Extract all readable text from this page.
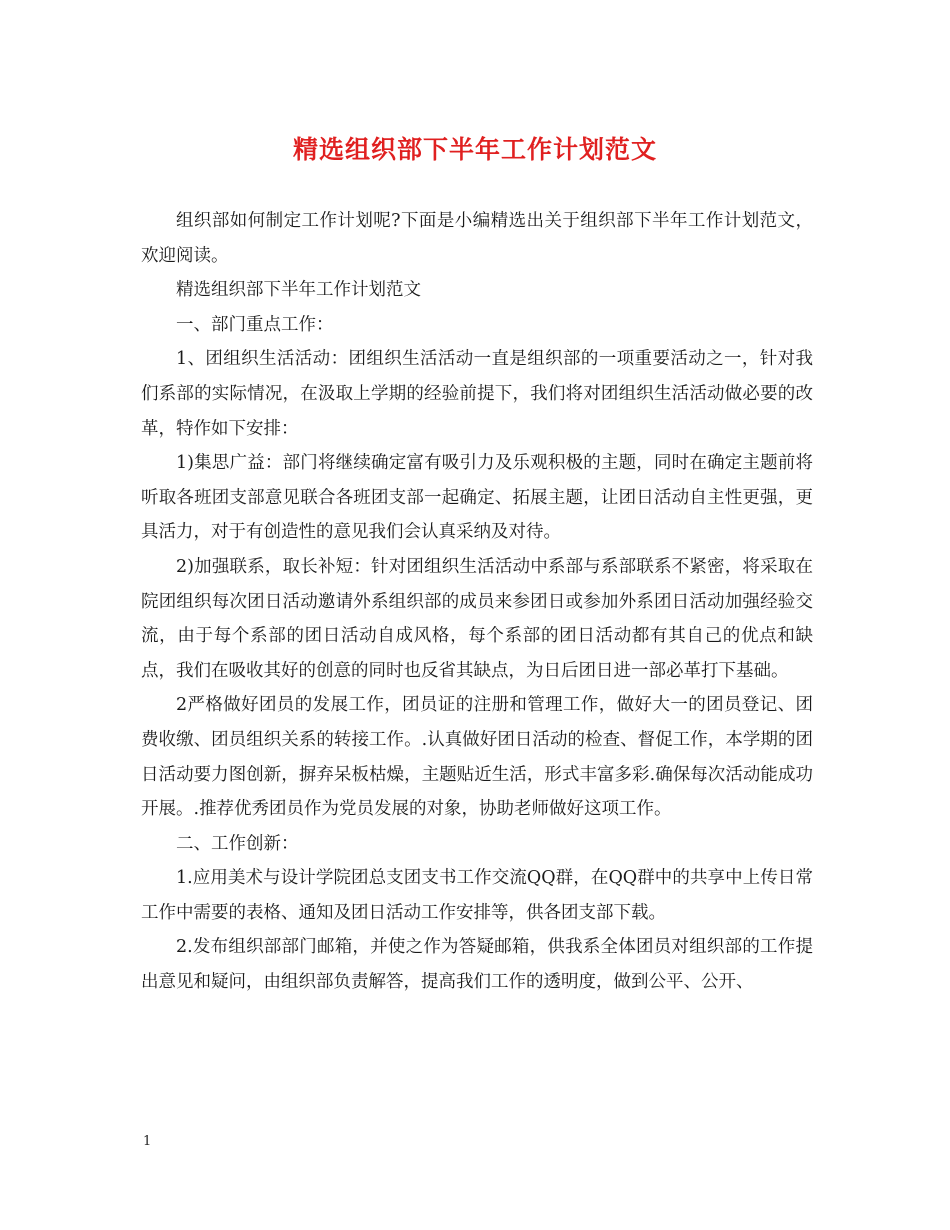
精选组织部下半年工作计划范文

组织部如何制定工作计划呢?下面是小编精选出关于组织部下半年工作计划范文，欢迎阅读。

精选组织部下半年工作计划范文

一、部门重点工作：

1、团组织生活活动：团组织生活活动一直是组织部的一项重要活动之一，针对我们系部的实际情况，在汲取上学期的经验前提下，我们将对团组织生活活动做必要的改革，特作如下安排：

1)集思广益：部门将继续确定富有吸引力及乐观积极的主题，同时在确定主题前将听取各班团支部意见联合各班团支部一起确定、拓展主题，让团日活动自主性更强，更具活力，对于有创造性的意见我们会认真采纳及对待。

2)加强联系，取长补短：针对团组织生活活动中系部与系部联系不紧密，将采取在院团组织每次团日活动邀请外系组织部的成员来参团日或参加外系团日活动加强经验交流，由于每个系部的团日活动自成风格，每个系部的团日活动都有其自己的优点和缺点，我们在吸收其好的创意的同时也反省其缺点，为日后团日进一部必革打下基础。

2严格做好团员的发展工作，团员证的注册和管理工作，做好大一的团员登记、团费收缴、团员组织关系的转接工作。.认真做好团日活动的检查、督促工作，本学期的团日活动要力图创新，摒弃呆板枯燥，主题贴近生活，形式丰富多彩.确保每次活动能成功开展。.推荐优秀团员作为党员发展的对象，协助老师做好这项工作。

二、工作创新：

1.应用美术与设计学院团总支团支书工作交流QQ群，在QQ群中的共享中上传日常工作中需要的表格、通知及团日活动工作安排等，供各团支部下载。

2.发布组织部部门邮箱，并使之作为答疑邮箱，供我系全体团员对组织部的工作提出意见和疑问，由组织部负责解答，提高我们工作的透明度，做到公平、公开、

1
